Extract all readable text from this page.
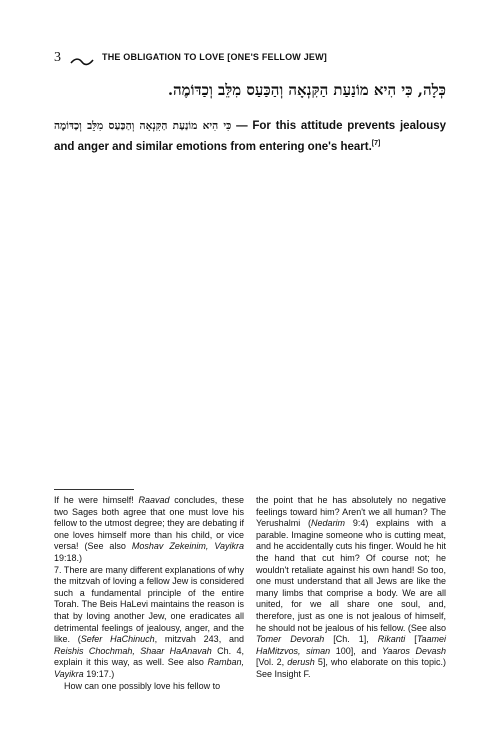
3	THE OBLIGATION TO LOVE [ONE'S FELLOW JEW]
כְּלָה, כִּי הִיא מוֹנַעַת הַקִּנְאָה וְהַכַּעַס מִלֵּב וְכַדּוֹמֶה.
כִּי הִיא מוֹנַעַת הַקִּנְאָה וְהַכַּעַס מִלֵּב וְכַדּוֹמֶה — For this attitude prevents jealousy and anger and similar emotions from entering one's heart.[7]

If he were himself! Raavad concludes, these two Sages both agree that one must love his fellow to the utmost degree; they are debating if one loves himself more than his child, or vice versa! (See also Moshav Zekeinim, Vayikra 19:18.)

7. There are many different explanations of why the mitzvah of loving a fellow Jew is considered such a fundamental principle of the entire Torah. The Beis HaLevi maintains the reason is that by loving another Jew, one eradicates all detrimental feelings of jealousy, anger, and the like. (Sefer HaChinuch, mitzvah 243, and Reishis Chochmah, Shaar HaAnavah Ch. 4, explain it this way, as well. See also Ramban, Vayikra 19:17.)

How can one possibly love his fellow to

the point that he has absolutely no negative feelings toward him? Aren't we all human? The Yerushalmi (Nedarim 9:4) explains with a parable. Imagine someone who is cutting meat, and he accidentally cuts his finger. Would he hit the hand that cut him? Of course not; he wouldn't retaliate against his own hand! So too, one must understand that all Jews are like the many limbs that comprise a body. We are all united, for we all share one soul, and, therefore, just as one is not jealous of himself, he should not be jealous of his fellow. (See also Tomer Devorah [Ch. 1], Rikanti [Taamei HaMitzvos, siman 100], and Yaaros Devash [Vol. 2, derush 5], who elaborate on this topic.) See Insight F.
